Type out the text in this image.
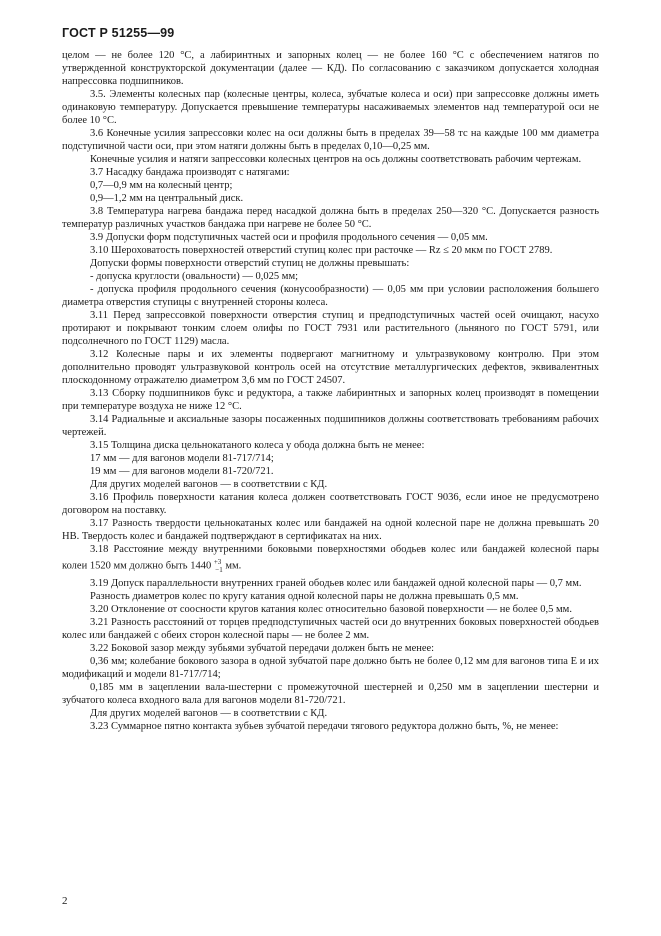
ГОСТ Р 51255—99

целом — не более 120 °С, а лабиринтных и запорных колец — не более 160 °С с обеспечением натягов по утвержденной конструкторской документации (далее — КД). По согласованию с заказчиком допускается холодная напрессовка подшипников.

3.5. Элементы колесных пар (колесные центры, колеса, зубчатые колеса и оси) при запрессовке должны иметь одинаковую температуру. Допускается превышение температуры насаживаемых элементов над температурой оси не более 10 °С.

3.6 Конечные усилия запрессовки колес на оси должны быть в пределах 39—58 тс на каждые 100 мм диаметра подступичной части оси, при этом натяги должны быть в пределах 0,10—0,25 мм.

Конечные усилия и натяги запрессовки колесных центров на ось должны соответствовать рабочим чертежам.

3.7 Насадку бандажа производят с натягами:

0,7—0,9 мм на колесный центр;

0,9—1,2 мм на центральный диск.

3.8 Температура нагрева бандажа перед насадкой должна быть в пределах 250—320 °С. Допускается разность температур различных участков бандажа при нагреве не более 50 °С.

3.9 Допуски форм подступичных частей оси и профиля продольного сечения — 0,05 мм.

3.10 Шероховатость поверхностей отверстий ступиц колес при расточке — Rz ≤ 20 мкм по ГОСТ 2789.

Допуски формы поверхности отверстий ступиц не должны превышать:

- допуска круглости (овальности) — 0,025 мм;

- допуска профиля продольного сечения (конусообразности) — 0,05 мм при условии расположения большего диаметра отверстия ступицы с внутренней стороны колеса.

3.11 Перед запрессовкой поверхности отверстия ступиц и предподступичных частей осей очищают, насухо протирают и покрывают тонким слоем олифы по ГОСТ 7931 или растительного (льняного по ГОСТ 5791, или подсолнечного по ГОСТ 1129) масла.

3.12 Колесные пары и их элементы подвергают магнитному и ультразвуковому контролю. При этом дополнительно проводят ультразвуковой контроль осей на отсутствие металлургических дефектов, эквивалентных плоскодонному отражателю диаметром 3,6 мм по ГОСТ 24507.

3.13 Сборку подшипников букс и редуктора, а также лабиринтных и запорных колец производят в помещении при температуре воздуха не ниже 12 °С.

3.14 Радиальные и аксиальные зазоры посаженных подшипников должны соответствовать требованиям рабочих чертежей.

3.15 Толщина диска цельнокатаного колеса у обода должна быть не менее:

17 мм — для вагонов модели 81-717/714;

19 мм — для вагонов модели 81-720/721.

Для других моделей вагонов — в соответствии с КД.

3.16 Профиль поверхности катания колеса должен соответствовать ГОСТ 9036, если иное не предусмотрено договором на поставку.

3.17 Разность твердости цельнокатаных колес или бандажей на одной колесной паре не должна превышать 20 НВ. Твердость колес и бандажей подтверждают в сертификатах на них.

3.18 Расстояние между внутренними боковыми поверхностями ободьев колес или бандажей колесной пары колеи 1520 мм должно быть 1440 $^{+3}_{-1}$ мм.

3.19 Допуск параллельности внутренних граней ободьев колес или бандажей одной колесной пары — 0,7 мм.

Разность диаметров колес по кругу катания одной колесной пары не должна превышать 0,5 мм.

3.20 Отклонение от соосности кругов катания колес относительно базовой поверхности — не более 0,5 мм.

3.21 Разность расстояний от торцев предподступичных частей оси до внутренних боковых поверхностей ободьев колес или бандажей с обеих сторон колесной пары — не более 2 мм.

3.22 Боковой зазор между зубьями зубчатой передачи должен быть не менее:

0,36 мм; колебание бокового зазора в одной зубчатой паре должно быть не более 0,12 мм для вагонов типа Е и их модификаций и модели 81-717/714;

0,185 мм в зацеплении вала-шестерни с промежуточной шестерней и 0,250 мм в зацеплении шестерни и зубчатого колеса входного вала для вагонов модели 81-720/721.

Для других моделей вагонов — в соответствии с КД.

3.23 Суммарное пятно контакта зубьев зубчатой передачи тягового редуктора должно быть, %, не менее:

2
